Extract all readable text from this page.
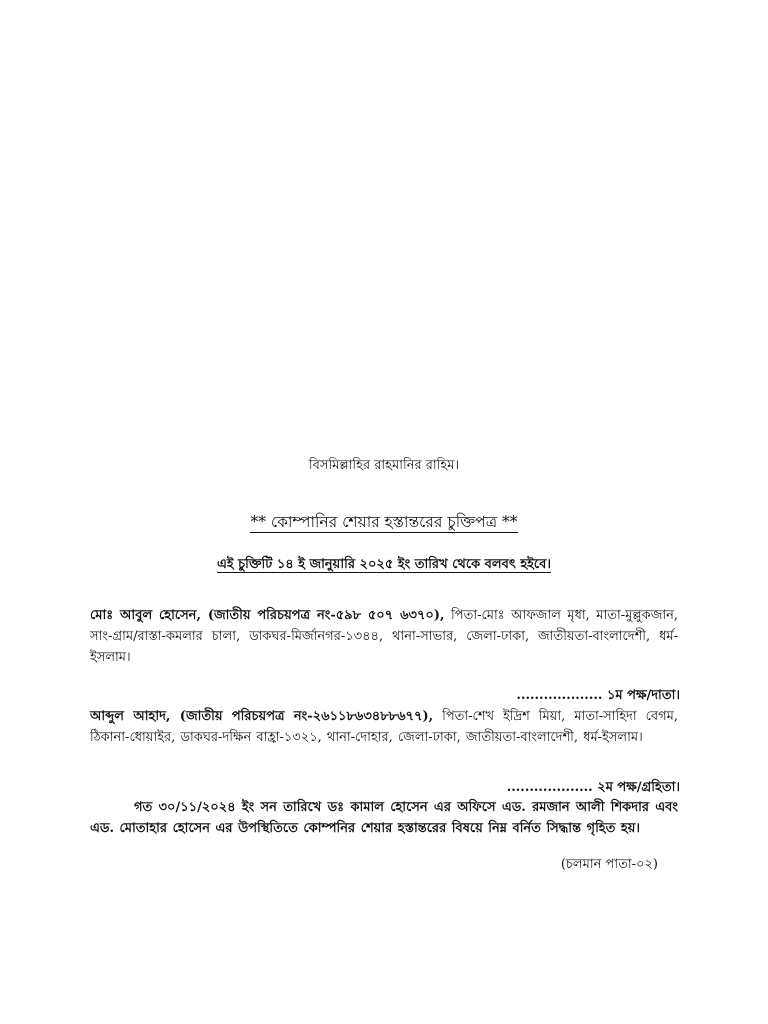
বিসমিল্লাহির রাহমানির রাহিম।
** কোম্পানির শেয়ার হস্তান্তরের চুক্তিপত্র **
এই চুক্তিটি ১৪ ই জানুয়ারি ২০২৫ ইং তারিখ থেকে বলবৎ হইবে।
মোঃ আবুল হোসেন, (জাতীয় পরিচয়পত্র নং-৫৯৮ ৫০৭ ৬৩৭০), পিতা-মোঃ আফজাল মৃধা, মাতা-মুল্লুকজান, সাং-গ্রাম/রাস্তা-কমলার চালা, ডাকঘর-মির্জানগর-১৩৪৪, থানা-সাভার, জেলা-ঢাকা, জাতীয়তা-বাংলাদেশী, ধর্ম-ইসলাম।
................... ১ম পক্ষ/দাতা।
আব্দুল আহাদ, (জাতীয় পরিচয়পত্র নং-২৬১১৮৬৩৪৮৮৬৭৭), পিতা-শেখ ইদ্রিশ মিয়া, মাতা-সাহিদা বেগম, ঠিকানা-ধোয়াইর, ডাকঘর-দক্ষিন বাহ্রা-১৩২১, থানা-দোহার, জেলা-ঢাকা, জাতীয়তা-বাংলাদেশী, ধর্ম-ইসলাম।
................... ২ম পক্ষ/গ্রহিতা।
গত ৩০/১১/২০২৪ ইং সন তারিখে ডঃ কামাল হোসেন এর অফিসে এড. রমজান আলী শিকদার এবং এড. মোতাহার হোসেন এর উপস্থিতিতে কোম্পনির শেয়ার হস্তান্তরের বিষয়ে নিম্ন বর্নিত সিদ্ধান্ত গৃহিত হয়।
(চলমান পাতা-০২)
